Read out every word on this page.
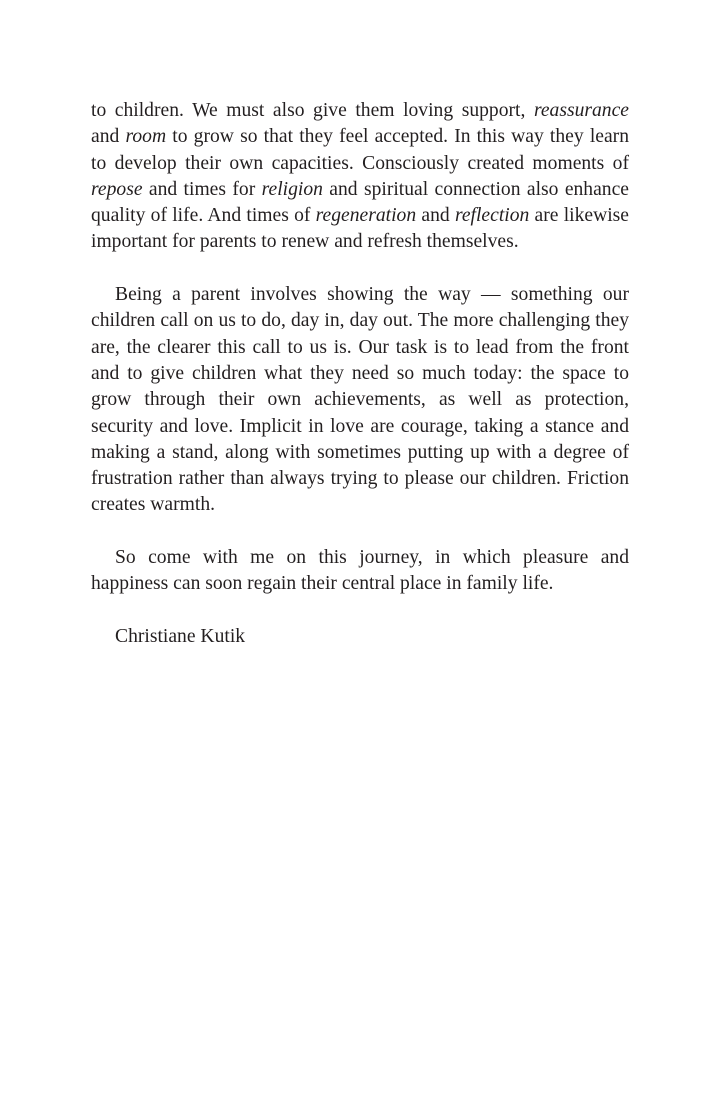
to children. We must also give them loving support, reassurance and room to grow so that they feel accepted. In this way they learn to develop their own capacities. Consciously created moments of repose and times for religion and spiritual connection also enhance quality of life. And times of regeneration and reflection are likewise important for parents to renew and refresh themselves.

Being a parent involves showing the way — something our children call on us to do, day in, day out. The more challenging they are, the clearer this call to us is. Our task is to lead from the front and to give children what they need so much today: the space to grow through their own achievements, as well as protection, security and love. Implicit in love are courage, taking a stance and making a stand, along with sometimes putting up with a degree of frustration rather than always trying to please our children. Friction creates warmth.

So come with me on this journey, in which pleasure and happiness can soon regain their central place in family life.

Christiane Kutik
